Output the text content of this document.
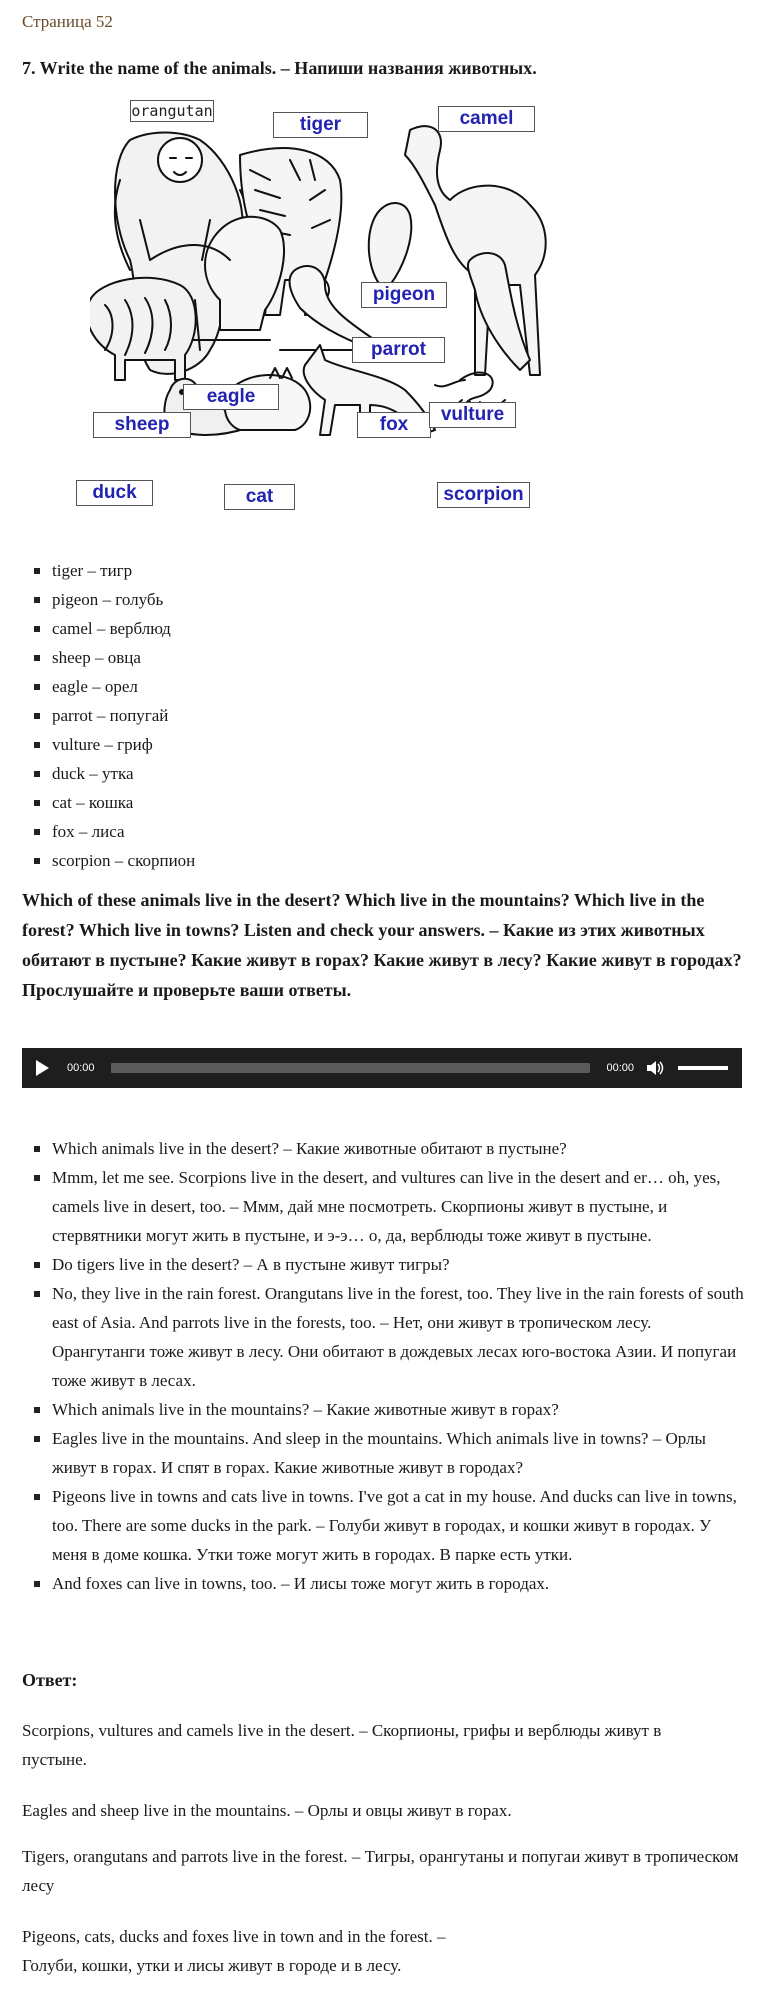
Страница 52
7. Write the name of the animals. – Напиши названия животных.
orangutan
tiger	camel
pigeon
parrot
eagle
sheep	fox	vulture
duck	cat	scorpion
tiger – тигр
pigeon – голубь
camel – верблюд
sheep – овца
eagle – орел
parrot – попугай
vulture – гриф
duck – утка
cat – кошка
fox – лиса
scorpion – скорпион

Which of these animals live in the desert? Which live in the mountains? Which live in the forest? Which live in towns? Listen and check your answers. – Какие из этих животных обитают в пустыне? Какие живут в горах? Какие живут в лесу? Какие живут в городах? Прослушайте и проверьте ваши ответы.

00:00	00:00
Which animals live in the desert? – Какие животные обитают в пустыне?
Mmm, let me see. Scorpions live in the desert, and vultures can live in the desert and er… oh, yes, camels live in desert, too. – Ммм, дай мне посмотреть. Скорпионы живут в пустыне, и стервятники могут жить в пустыне, и э-э… о, да, верблюды тоже живут в пустыне.
Do tigers live in the desert? – А в пустыне живут тигры?
No, they live in the rain forest. Orangutans live in the forest, too. They live in the rain forests of south east of Asia. And parrots live in the forests, too. – Нет, они живут в тропическом лесу. Орангутанги тоже живут в лесу. Они обитают в дождевых лесах юго-востока Азии. И попугаи тоже живут в лесах.
Which animals live in the mountains? – Какие животные живут в горах?
Eagles live in the mountains. And sleep in the mountains. Which animals live in towns? – Орлы живут в горах. И спят в горах. Какие животные живут в городах?
Pigeons live in towns and cats live in towns. I've got a cat in my house. And ducks can live in towns, too. There are some ducks in the park. – Голуби живут в городах, и кошки живут в городах. У меня в доме кошка. Утки тоже могут жить в городах. В парке есть утки.
And foxes can live in towns, too. – И лисы тоже могут жить в городах.

Ответ:

Scorpions, vultures and camels live in the desert. – Скорпионы, грифы и верблюды живут в пустыне.

Eagles and sheep live in the mountains. – Орлы и овцы живут в горах.

Tigers, orangutans and parrots live in the forest. – Тигры, орангутаны и попугаи живут в тропическом лесу

Pigeons, cats, ducks and foxes live in town and in the forest. – Голуби, кошки, утки и лисы живут в городе и в лесу.
